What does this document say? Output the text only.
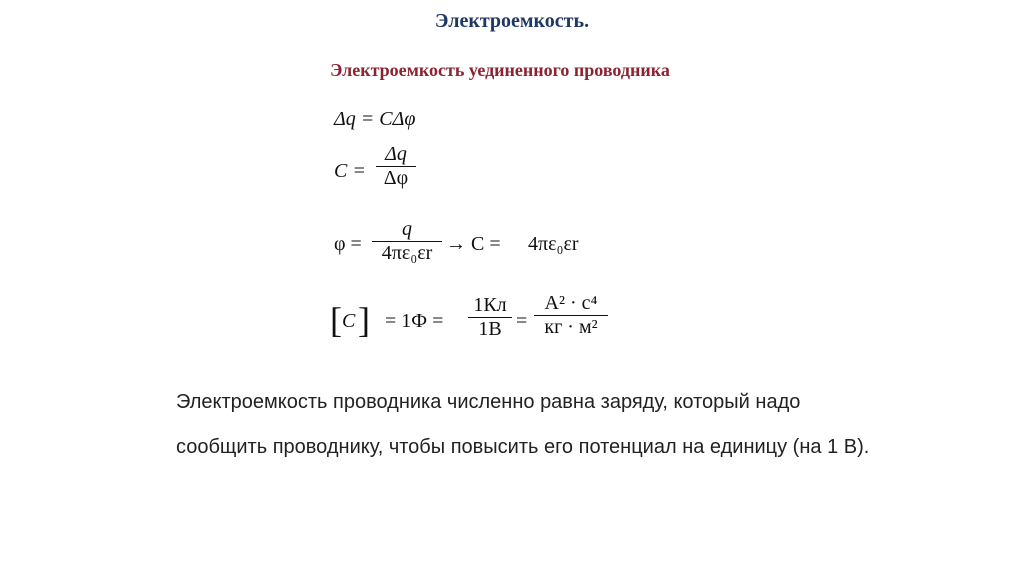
Электроемкость.
Электроемкость уединенного проводника
Δq = CΔφ
C =
Δq
Δφ
φ =
q
4πε₀εr → C = 4πε₀εr
[ C ] = 1Ф =
1Кл
1В =
А² · с⁴
кг · м²
Электроемкость проводника численно равна заряду, который надо сообщить проводнику, чтобы повысить его потенциал на единицу (на 1 В).
